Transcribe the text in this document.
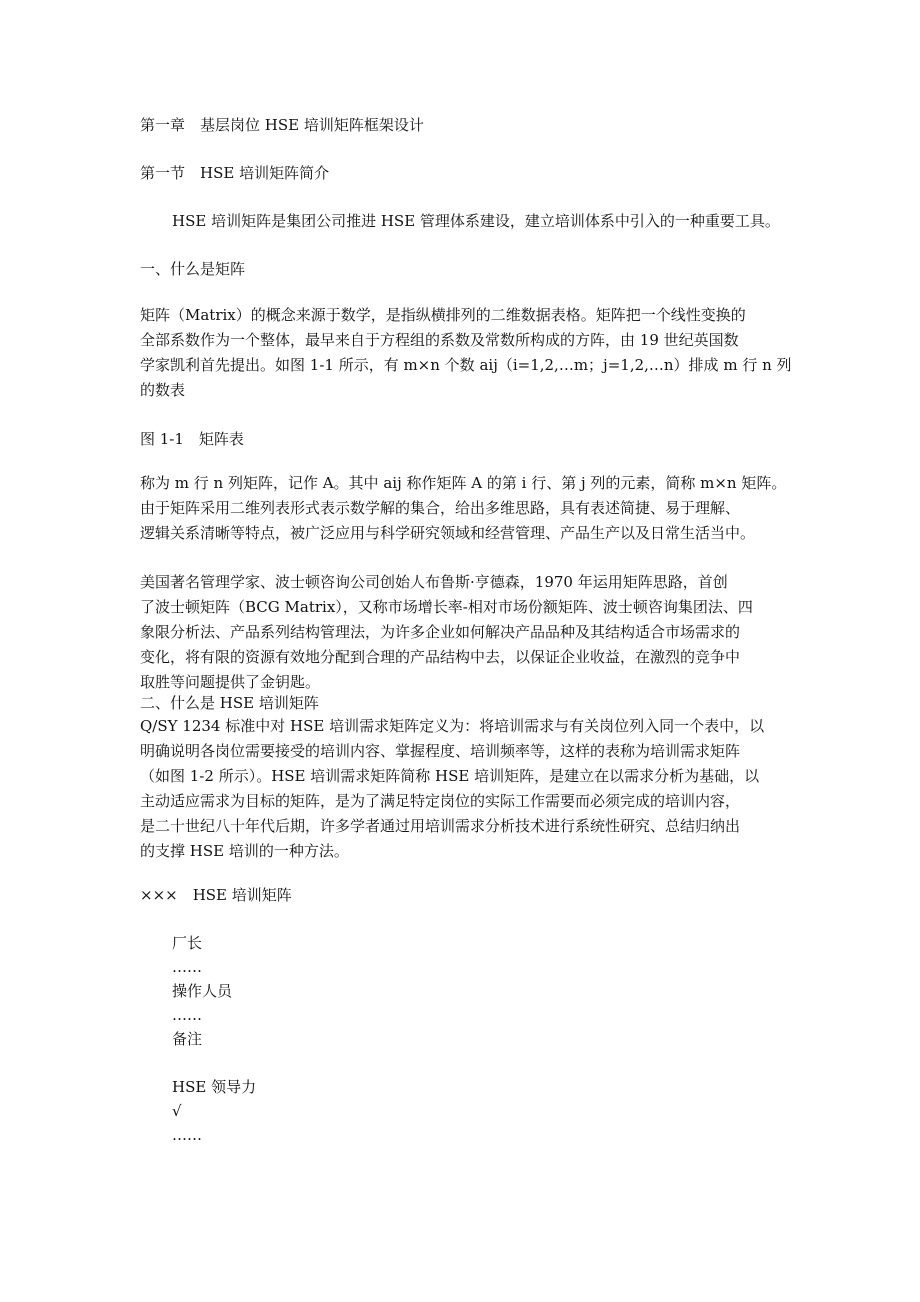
第一章　基层岗位 HSE 培训矩阵框架设计
第一节　HSE 培训矩阵简介
HSE 培训矩阵是集团公司推进 HSE 管理体系建设，建立培训体系中引入的一种重要工具。
一、什么是矩阵
矩阵（Matrix）的概念来源于数学，是指纵横排列的二维数据表格。矩阵把一个线性变换的
全部系数作为一个整体，最早来自于方程组的系数及常数所构成的方阵，由 19 世纪英国数
学家凯利首先提出。如图 1-1 所示，有 m×n 个数 aij（i=1,2,…m；j=1,2,…n）排成 m 行 n 列
的数表
图 1-1　矩阵表
称为 m 行 n 列矩阵，记作 A。其中 aij 称作矩阵 A 的第 i 行、第 j 列的元素，简称 m×n 矩阵。
由于矩阵采用二维列表形式表示数学解的集合，给出多维思路，具有表述简捷、易于理解、
逻辑关系清晰等特点，被广泛应用与科学研究领域和经营管理、产品生产以及日常生活当中。
美国著名管理学家、波士顿咨询公司创始人布鲁斯·亨德森，1970 年运用矩阵思路，首创
了波士顿矩阵（BCG Matrix），又称市场增长率-相对市场份额矩阵、波士顿咨询集团法、四
象限分析法、产品系列结构管理法，为许多企业如何解决产品品种及其结构适合市场需求的
变化，将有限的资源有效地分配到合理的产品结构中去，以保证企业收益，在激烈的竞争中
取胜等问题提供了金钥匙。
二、什么是 HSE 培训矩阵
Q/SY 1234 标准中对 HSE 培训需求矩阵定义为：将培训需求与有关岗位列入同一个表中，以
明确说明各岗位需要接受的培训内容、掌握程度、培训频率等，这样的表称为培训需求矩阵
（如图 1-2 所示）。HSE 培训需求矩阵简称 HSE 培训矩阵，是建立在以需求分析为基础，以
主动适应需求为目标的矩阵，是为了满足特定岗位的实际工作需要而必须完成的培训内容，
是二十世纪八十年代后期，许多学者通过用培训需求分析技术进行系统性研究、总结归纳出
的支撑 HSE 培训的一种方法。
×××　HSE 培训矩阵
厂长
……
操作人员
……
备注
HSE 领导力
√
……
